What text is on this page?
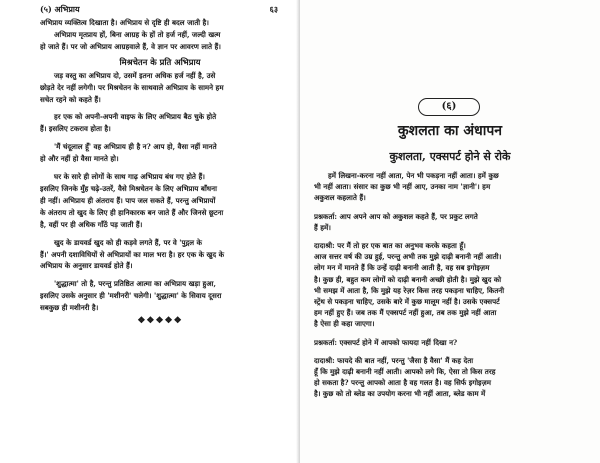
(५) अभिप्राय	६३
अभिप्राय व्यक्तित्व दिखाता है। अभिप्राय से दृष्टि ही बदल जाती है।
अभिप्राय मृतप्राय हों, बिना आग्रह के हों तो हर्ज नहीं, जल्दी खत्म
हो जाते हैं। पर जो अभिप्राय आग्रहवाले हैं, वे ज्ञान पर आवरण लाते हैं।
मिश्रचेतन के प्रति अभिप्राय
जड़ वस्तु का अभिप्राय दो, उसमें इतना अधिक हर्ज नहीं है, उसे
छोड़ते देर नहीं लगेगी। पर मिश्रचेतन के साथवाले अभिप्राय के सामने हम
सचेत रहने को कहते हैं।
हर एक को अपनी-अपनी वाइफ के लिए अभिप्राय बैठ चुके होते
हैं। इसलिए टकराव होता है।
'मैं चंदूलाल हूँ' वह अभिप्राय ही है न? आप हो, वैसा नहीं मानते
हो और नहीं हो वैसा मानते हो।
घर के सारे ही लोगों के साथ गाढ़ अभिप्राय बंध गए होते हैं।
इसलिए जिनके मुँह चढ़े-उतरें, वैसे मिश्रचेतन के लिए अभिप्राय बाँधना
ही नहीं। अभिप्राय ही अंतराय हैं। पाप जल सकते हैं, परन्तु अभिप्रायों
के अंतराय तो खुद के लिए ही हानिकारक बन जाते हैं और जिनसे छूटना
है, वहीं पर ही अधिक गाँठें पड़ जाती हैं।
खुद के डायवर्ड खुद को ही कड़वे लगते हैं, पर वे 'पुद्गल के
हैं।' अपनी दशाविधियों से अभिप्रायों का माल भरा है। हर एक के खुद के
अभिप्राय के अनुसार डायवर्ड होते हैं।
'शुद्धात्मा' तो है, परन्तु प्रतिष्ठित आत्मा का अभिप्राय खड़ा हुआ,
इसलिए उसके अनुसार ही 'मशीनरी' चलेगी। 'शुद्धात्मा' के सिवाय दूसरा
सबकुछ ही मशीनरी है।
❖❖❖❖❖
(६)
कुशलता का अंधापन
कुशलता, एक्सपर्ट होने से रोके
हमें लिखना-करना नहीं आता, पेन भी पकड़ना नहीं आता। हमें कुछ
भी नहीं आता। संसार का कुछ भी नहीं आए, उनका नाम 'ज्ञानी'। हम
अकुशल कहलाते हैं।
प्रश्नकर्ता: आप अपने आप को अकुशल कहते हैं, पर प्रकुट लगते
हैं हमें।
दादाश्री: पर मैं तो हर एक बात का अनुभव करके कहता हूँ।
आज सत्तर वर्ष की उम्र हुई, परन्तु अभी तक मुझे दाढ़ी बनानी नहीं आती।
लोग मन में मानते हैं कि उन्हें दाढ़ी बनानी आती है, वह सब इगोइज़म
है। कुछ ही, बहुत कम लोगों को दाढ़ी बनानी अच्छी होती है। मुझे खुद को
भी समझ में आता है, कि मुझे यह रेज़र किस तरह पकड़ना चाहिए, कितनी
स्ट्रेंथ से पकड़ना चाहिए, उसके बारे में कुछ मालूम नहीं है। उसके एक्सपर्ट
हम नहीं हुए हैं। जब तक मैं एक्सपर्ट नहीं हुआ, तब तक मुझे नहीं आता
है ऐसा ही कहा जाएगा।
प्रश्नकर्ता: एक्सपर्ट होने में आपको फायदा नहीं दिखा न?
दादाश्री: फायदे की बात नहीं, परन्तु 'जैसा है वैसा' मैं कह देता
हूँ कि मुझे दाढ़ी बनानी नहीं आती। आपको लगे कि, ऐसा तो किस तरह
हो सकता है? परन्तु आपको आता है वह गलत है। वह सिर्फ इगोइज़म
है। कुछ को तो ब्लेड का उपयोग करना भी नहीं आता, ब्लेड काम में
